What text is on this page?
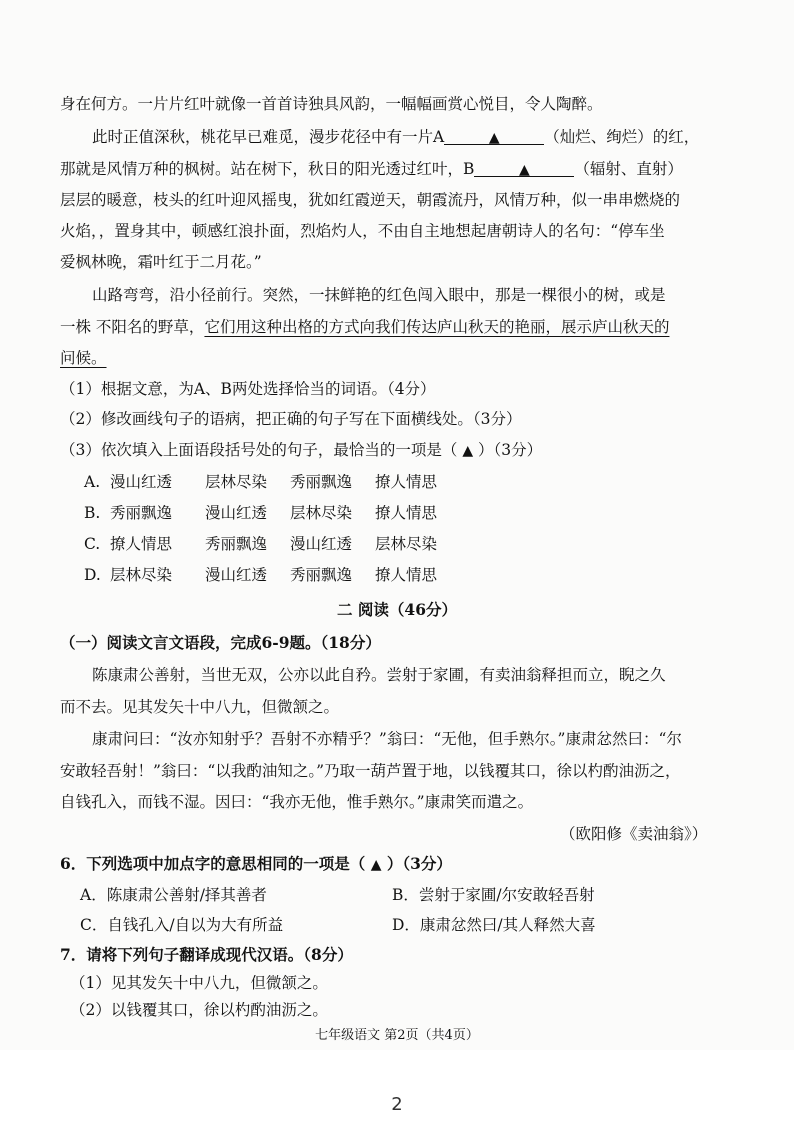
身在何方。一片片红叶就像一首首诗独具风韵，一幅幅画赏心悦目，令人陶醉。
此时正值深秋，桃花早已难觅，漫步花径中有一片A	▲	（灿烂、绚烂）的红，
那就是风情万种的枫树。站在树下，秋日的阳光透过红叶，B	▲	（辐射、直射）
层层的暖意，枝头的红叶迎风摇曳，犹如红霞逆天，朝霞流丹，风情万种，似一串串燃烧的
火焰，，置身其中，顿感红浪扑面，烈焰灼人，不由自主地想起唐朝诗人的名句：“停车坐
爱枫林晚，霜叶红于二月花。”
山路弯弯，沿小径前行。突然，一抹鲜艳的红色闯入眼中，那是一棵很小的树，或是
一株 不阳名的野草，它们用这种出格的方式向我们传达庐山秋天的艳丽，展示庐山秋天的
问候。
（1）根据文意，为A、B两处选择恰当的词语。（4分）
（2）修改画线句子的语病，把正确的句子写在下面横线处。（3分）
（3）依次填入上面语段括号处的句子，最恰当的一项是（ ▲ ）（3分）
A. 漫山红透 层林尽染 秀丽飘逸 撩人情思
B. 秀丽飘逸 漫山红透 层林尽染 撩人情思
C. 撩人情思 秀丽飘逸 漫山红透 层林尽染
D. 层林尽染 漫山红透 秀丽飘逸 撩人情思
二 阅读（46分）
（一）阅读文言文语段，完成6-9题。（18分）
陈康肃公善射，当世无双，公亦以此自矜。尝射于家圃，有卖油翁释担而立，睨之久
而不去。见其发矢十中八九，但微颔之。
康肃问曰：“汝亦知射乎？吾射不亦精乎？”翁曰：“无他，但手熟尔。”康肃忿然曰：“尔
安敢轻吾射！”翁曰：“以我酌油知之。”乃取一葫芦置于地，以钱覆其口，徐以杓酌油沥之，
自钱孔入，而钱不湿。因曰：“我亦无他，惟手熟尔。”康肃笑而遣之。
（欧阳修《卖油翁》）
6．下列选项中加点字的意思相同的一项是（ ▲ ）（3分）
A．陈康肃公善射/择其善者	B．尝射于家圃/尔安敢轻吾射
C．自钱孔入/自以为大有所益	D．康肃忿然曰/其人释然大喜
7．请将下列句子翻译成现代汉语。（8分）
（1）见其发矢十中八九，但微颔之。
（2）以钱覆其口，徐以杓酌油沥之。
七年级语文 第2页（共4页）
2
